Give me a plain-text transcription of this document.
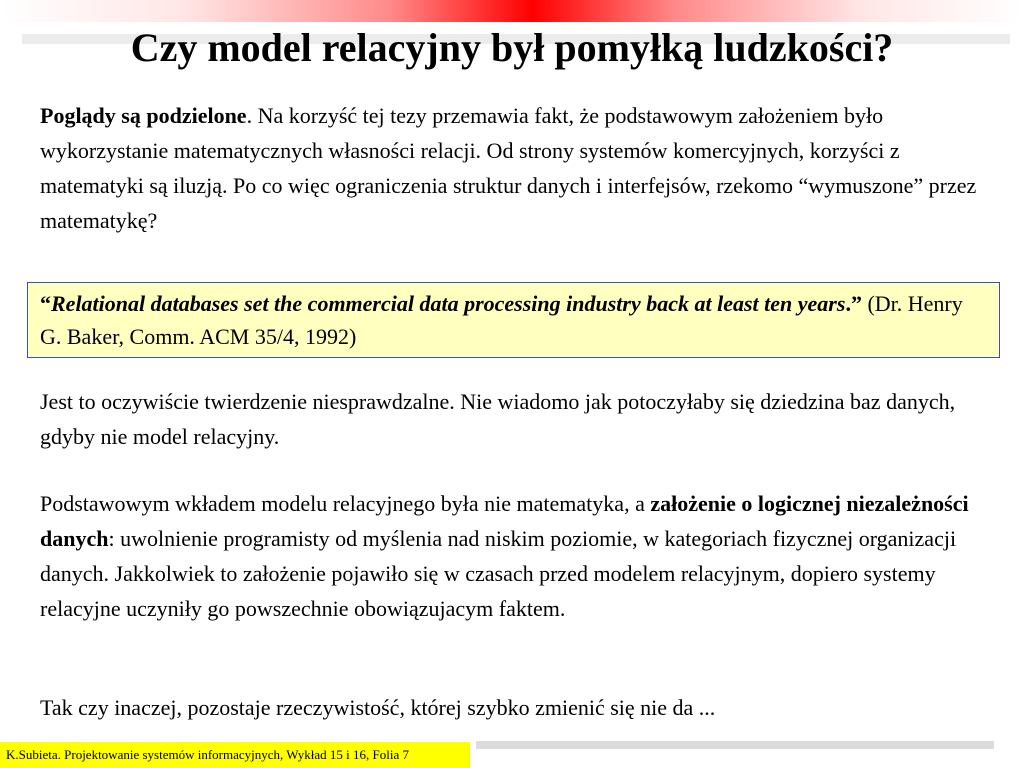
Czy model relacyjny był pomyłką ludzkości?

Poglądy są podzielone. Na korzyść tej tezy przemawia fakt, że podstawowym założeniem było wykorzystanie matematycznych własności relacji. Od strony systemów komercyjnych, korzyści z matematyki są iluzją. Po co więc ograniczenia struktur danych i interfejsów, rzekomo “wymuszone” przez matematykę?

“Relational databases set the commercial data processing industry back at least ten years.” (Dr. Henry G. Baker, Comm. ACM 35/4, 1992)

Jest to oczywiście twierdzenie niesprawdzalne. Nie wiadomo jak potoczyłaby się dziedzina baz danych, gdyby nie model relacyjny.

Podstawowym wkładem modelu relacyjnego była nie matematyka, a założenie o logicznej niezależności danych: uwolnienie programisty od myślenia nad niskim poziomie, w kategoriach fizycznej organizacji danych. Jakkolwiek to założenie pojawiło się w czasach przed modelem relacyjnym, dopiero systemy relacyjne uczyniły go powszechnie obowiązujacym faktem.

Tak czy inaczej, pozostaje rzeczywistość, której szybko zmienić się nie da ...

K.Subieta. Projektowanie systemów informacyjnych, Wykład 15 i 16, Folia 7
